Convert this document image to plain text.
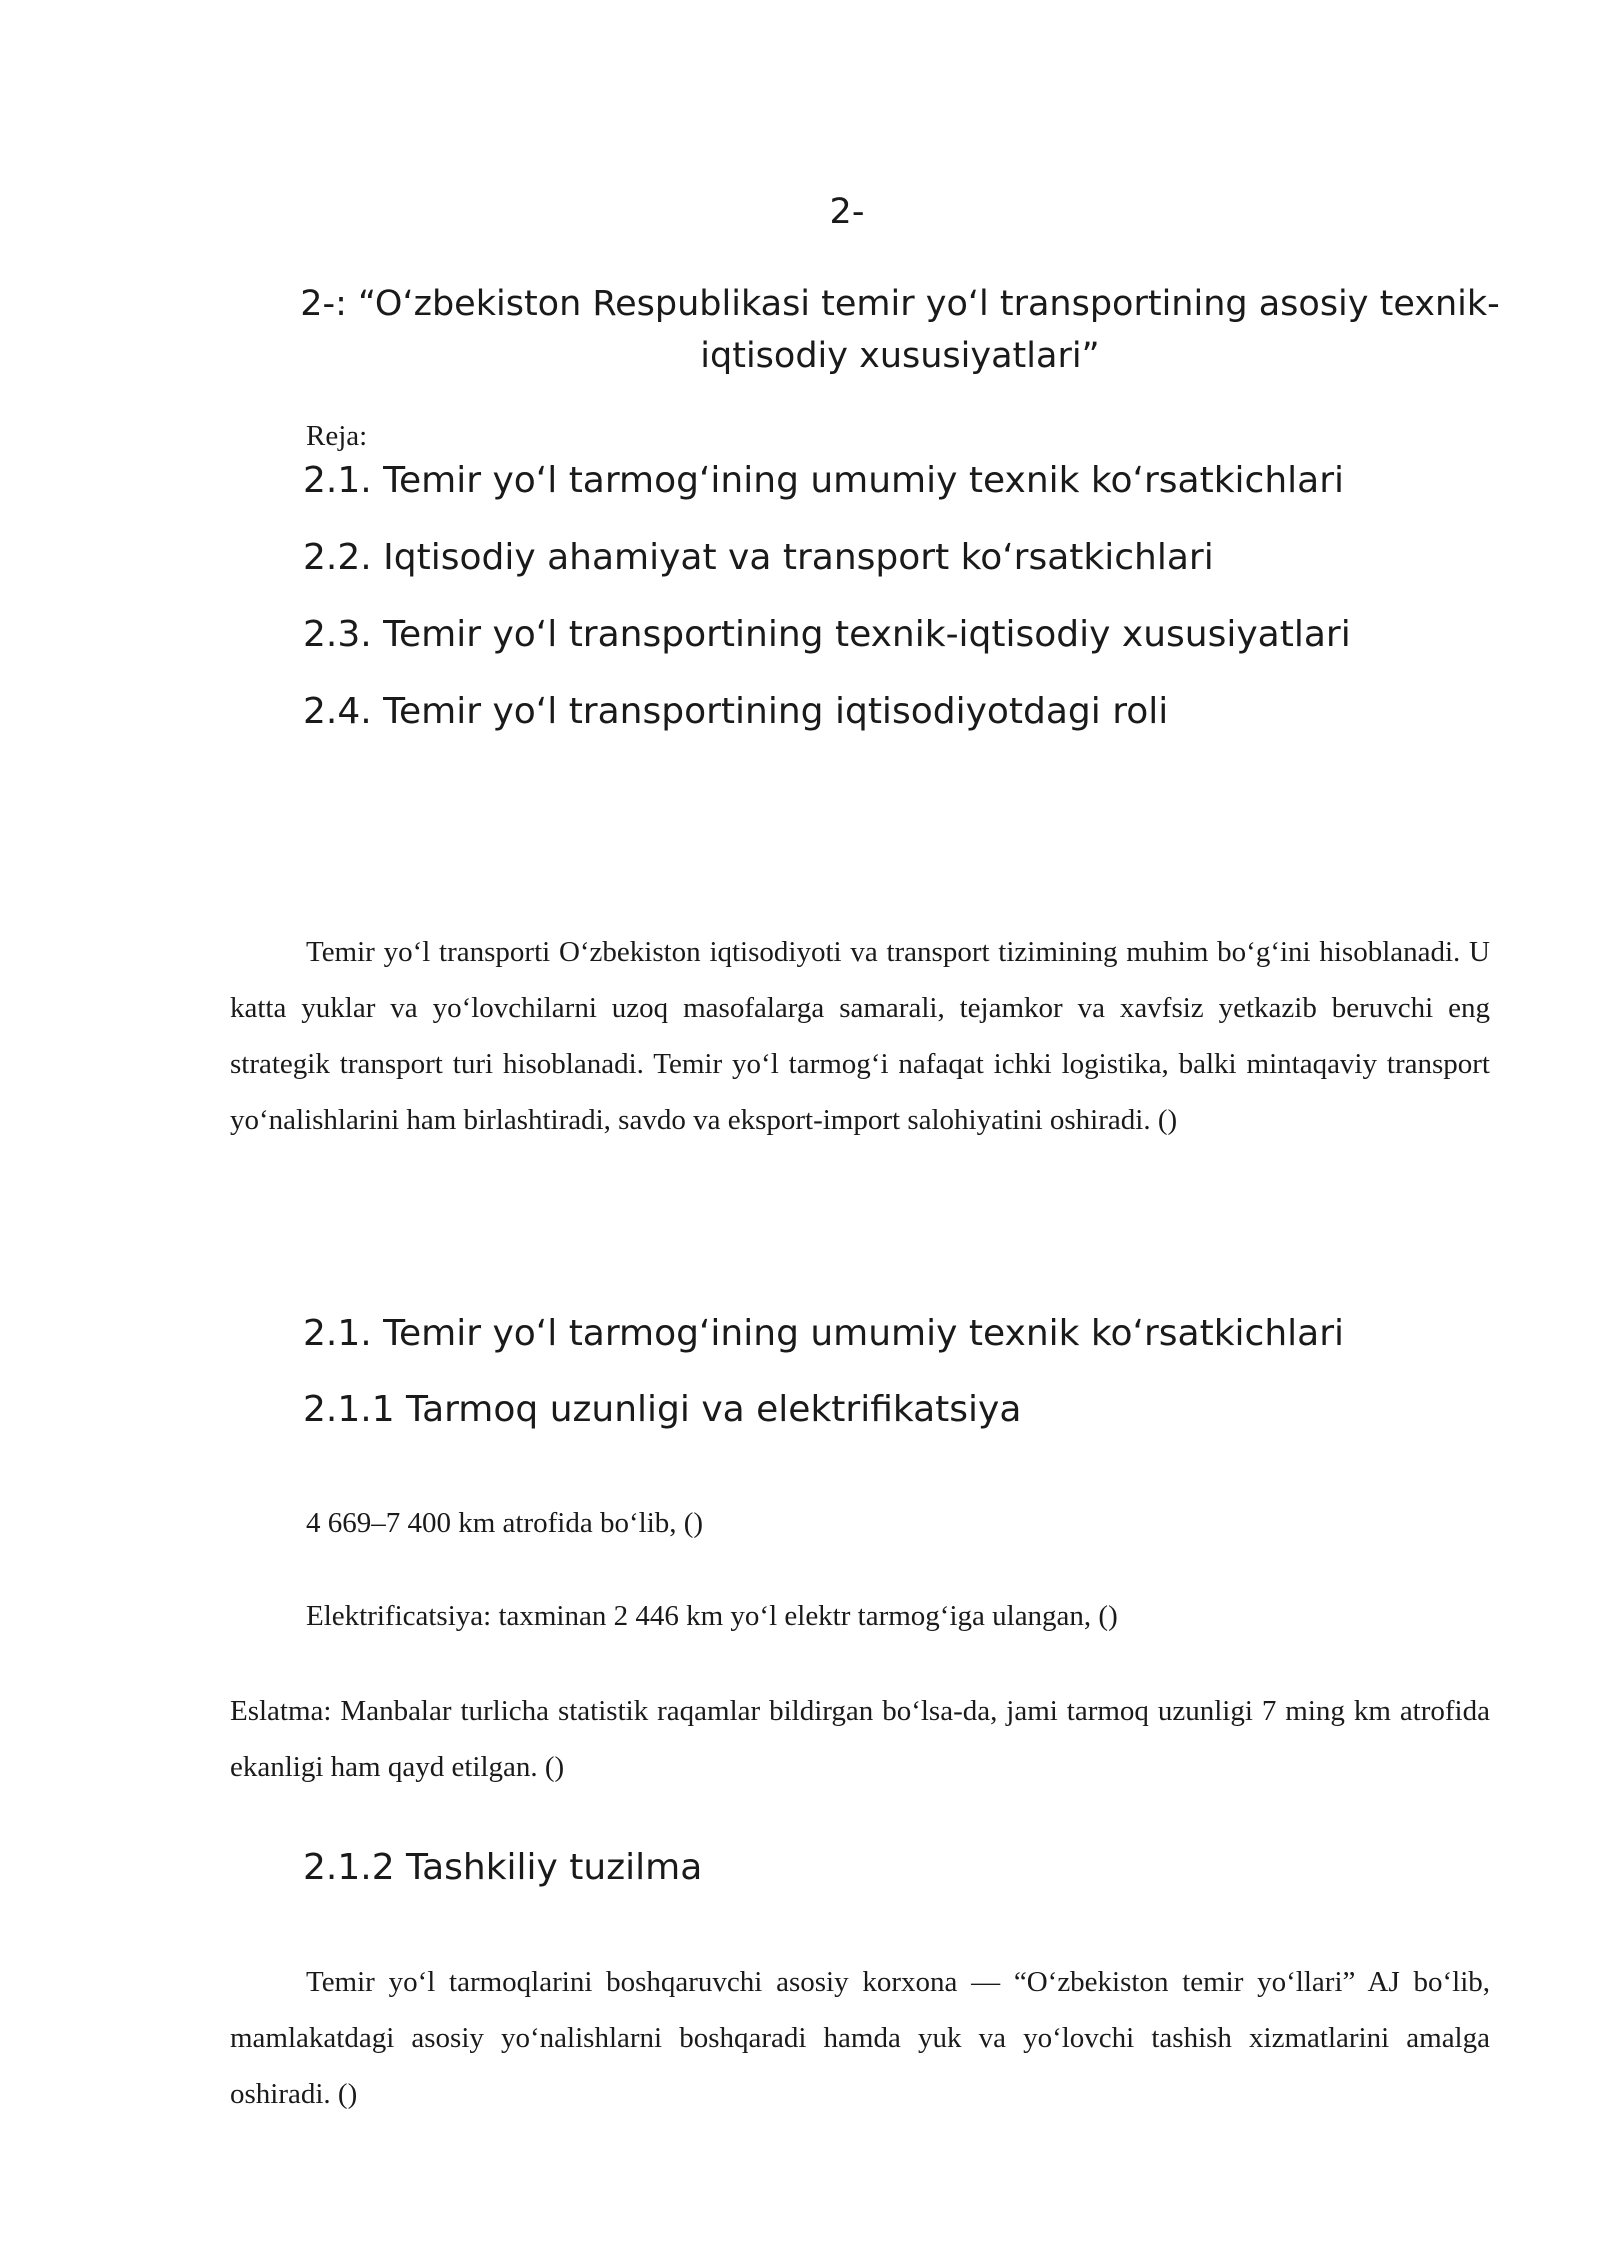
2-
2-: “O‘zbekiston Respublikasi temir yo‘l transportining asosiy texnik-iqtisodiy xususiyatlari”
Reja:
2.1. Temir yo‘l tarmog‘ining umumiy texnik ko‘rsatkichlari
2.2. Iqtisodiy ahamiyat va transport ko‘rsatkichlari
2.3. Temir yo‘l transportining texnik-iqtisodiy xususiyatlari
2.4. Temir yo‘l transportining iqtisodiyotdagi roli

Temir yo‘l transporti O‘zbekiston iqtisodiyoti va transport tizimining muhim bo‘g‘ini hisoblanadi. U katta yuklar va yo‘lovchilarni uzoq masofalarga samarali, tejamkor va xavfsiz yetkazib beruvchi eng strategik transport turi hisoblanadi. Temir yo‘l tarmog‘i nafaqat ichki logistika, balki mintaqaviy transport yo‘nalishlarini ham birlashtiradi, savdo va eksport-import salohiyatini oshiradi. ()

2.1. Temir yo‘l tarmog‘ining umumiy texnik ko‘rsatkichlari
2.1.1 Tarmoq uzunligi va elektrifikatsiya
4 669–7 400 km atrofida bo‘lib, ()
Elektrificatsiya: taxminan 2 446 km yo‘l elektr tarmog‘iga ulangan, ()

Eslatma: Manbalar turlicha statistik raqamlar bildirgan bo‘lsa-da, jami tarmoq uzunligi 7 ming km atrofida ekanligi ham qayd etilgan. ()

2.1.2 Tashkiliy tuzilma

Temir yo‘l tarmoqlarini boshqaruvchi asosiy korxona — “O‘zbekiston temir yo‘llari” AJ bo‘lib, mamlakatdagi asosiy yo‘nalishlarni boshqaradi hamda yuk va yo‘lovchi tashish xizmatlarini amalga oshiradi. ()
